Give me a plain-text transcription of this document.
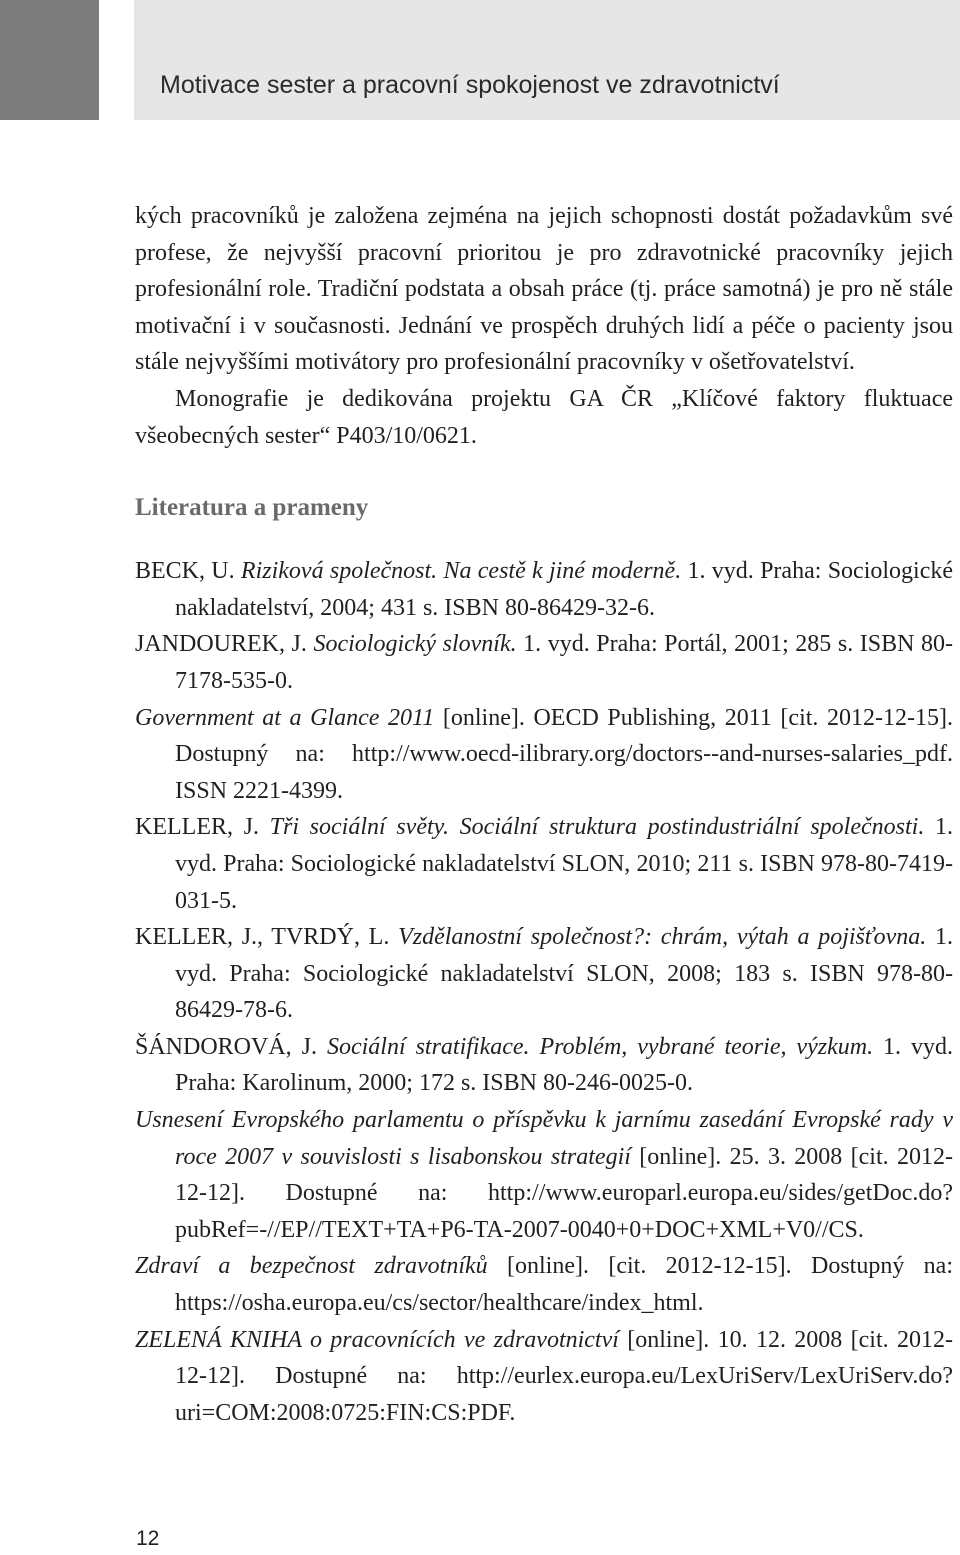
Motivace sester a pracovní spokojenost ve zdravotnictví

kých pracovníků je založena zejména na jejich schopnosti dostát požadavkům své profese, že nejvyšší pracovní prioritou je pro zdravotnické pracovníky jejich profesionální role. Tradiční podstata a obsah práce (tj. práce samotná) je pro ně stále motivační i v současnosti. Jednání ve prospěch druhých lidí a péče o pacienty jsou stále nejvyššími motivátory pro profesionální pracovníky v ošetřovatelství.

Monografie je dedikována projektu GA ČR „Klíčové faktory fluktuace všeobecných sester“ P403/10/0621.

Literatura a prameny
BECK, U. Riziková společnost. Na cestě k jiné moderně. 1. vyd. Praha: Sociologické nakladatelství, 2004; 431 s. ISBN 80-86429-32-6.
JANDOUREK, J. Sociologický slovník. 1. vyd. Praha: Portál, 2001; 285 s. ISBN 80-7178-535-0.
Government at a Glance 2011 [online]. OECD Publishing, 2011 [cit. 2012-12-15]. Dostupný na: http://www.oecd-ilibrary.org/doctors--and-nurses-salaries_pdf. ISSN 2221-4399.
KELLER, J. Tři sociální světy. Sociální struktura postindustriální společnosti. 1. vyd. Praha: Sociologické nakladatelství SLON, 2010; 211 s. ISBN 978-80-7419-031-5.
KELLER, J., TVRDÝ, L. Vzdělanostní společnost?: chrám, výtah a pojišťovna. 1. vyd. Praha: Sociologické nakladatelství SLON, 2008; 183 s. ISBN 978-80-86429-78-6.
ŠÁNDOROVÁ, J. Sociální stratifikace. Problém, vybrané teorie, výzkum. 1. vyd. Praha: Karolinum, 2000; 172 s. ISBN 80-246-0025-0.
Usnesení Evropského parlamentu o příspěvku k jarnímu zasedání Evropské rady v roce 2007 v souvislosti s lisabonskou strategií [online]. 25. 3. 2008 [cit. 2012-12-12]. Dostupné na: http://www.europarl.europa.eu/sides/getDoc.do?pubRef=-//EP//TEXT+TA+P6-TA-2007-0040+0+DOC+XML+V0//CS.
Zdraví a bezpečnost zdravotníků [online]. [cit. 2012-12-15]. Dostupný na: https://osha.europa.eu/cs/sector/healthcare/index_html.
ZELENÁ KNIHA o pracovnících ve zdravotnictví [online]. 10. 12. 2008 [cit. 2012-12-12]. Dostupné na: http://eurlex.europa.eu/LexUriServ/LexUriServ.do?uri=COM:2008:0725:FIN:CS:PDF.
12
